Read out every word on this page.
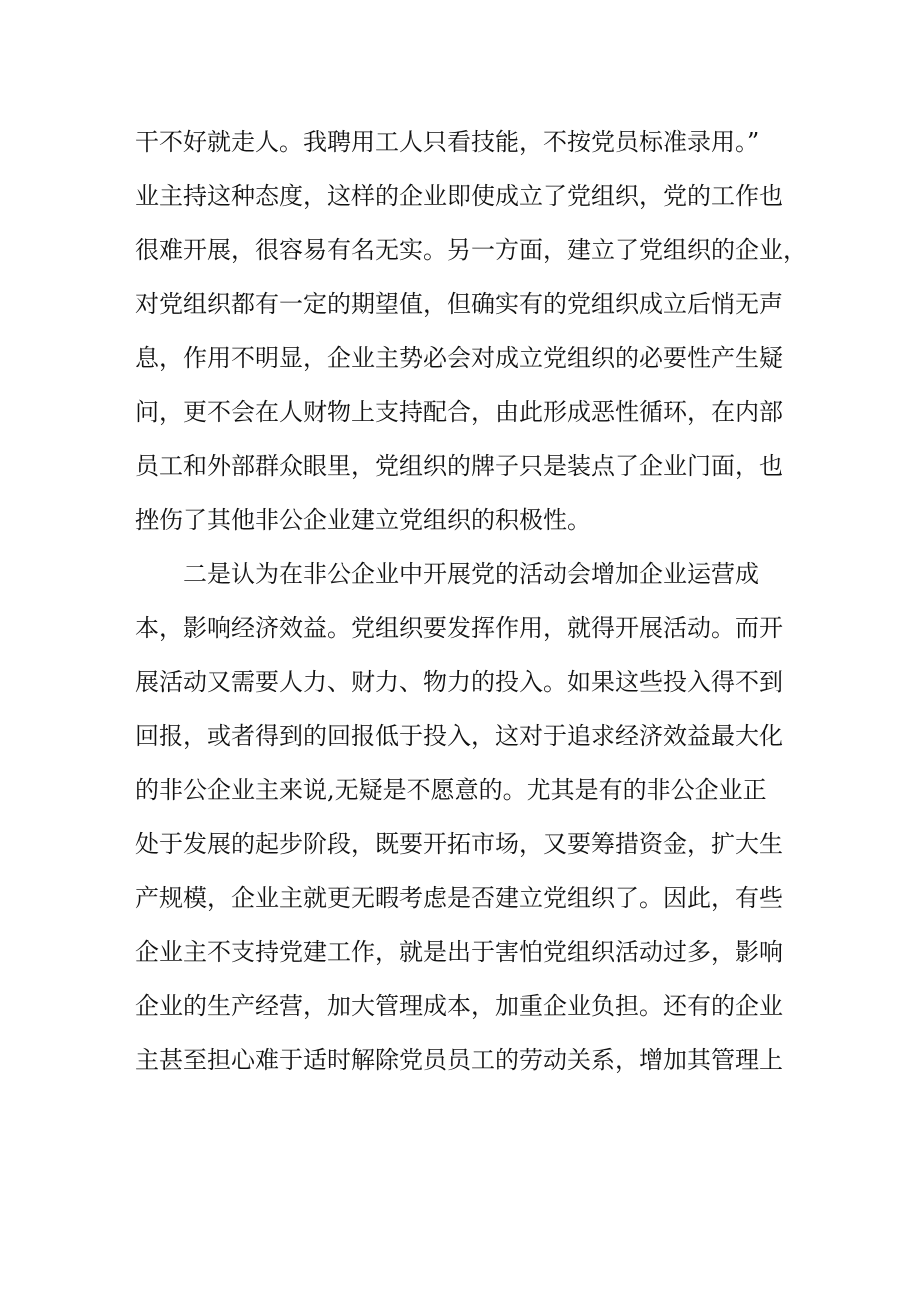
干不好就走人。我聘用工人只看技能，不按党员标准录用。”
业主持这种态度，这样的企业即使成立了党组织，党的工作也
很难开展，很容易有名无实。另一方面，建立了党组织的企业，
对党组织都有一定的期望值，但确实有的党组织成立后悄无声
息，作用不明显，企业主势必会对成立党组织的必要性产生疑
问，更不会在人财物上支持配合，由此形成恶性循环，在内部
员工和外部群众眼里，党组织的牌子只是装点了企业门面，也
挫伤了其他非公企业建立党组织的积极性。
二是认为在非公企业中开展党的活动会增加企业运营成
本，影响经济效益。党组织要发挥作用，就得开展活动。而开
展活动又需要人力、财力、物力的投入。如果这些投入得不到
回报，或者得到的回报低于投入，这对于追求经济效益最大化
的非公企业主来说,无疑是不愿意的。尤其是有的非公企业正
处于发展的起步阶段，既要开拓市场，又要筹措资金，扩大生
产规模，企业主就更无暇考虑是否建立党组织了。因此，有些
企业主不支持党建工作，就是出于害怕党组织活动过多，影响
企业的生产经营，加大管理成本，加重企业负担。还有的企业
主甚至担心难于适时解除党员员工的劳动关系，增加其管理上
